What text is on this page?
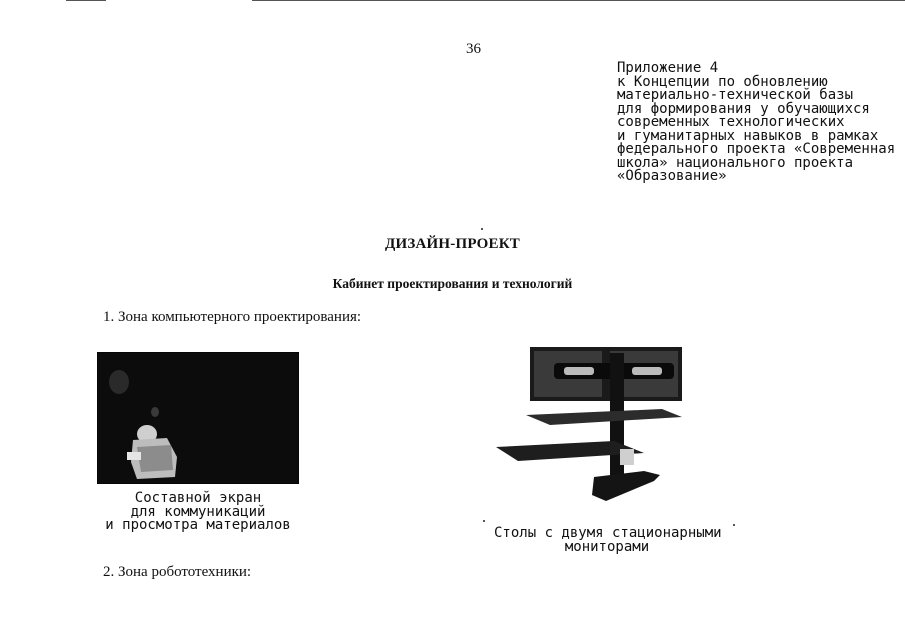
36
Приложение 4
к Концепции по обновлению
материально-технической базы
для формирования у обучающихся
современных технологических
и гуманитарных навыков в рамках
федерального проекта «Современная
школа» национального проекта
«Образование»
ДИЗАЙН-ПРОЕКТ
Кабинет проектирования и технологий
1. Зона компьютерного проектирования:
Составной экран
для коммуникаций
и просмотра материалов	Столы с двумя стационарными
мониторами
2. Зона робототехники:
